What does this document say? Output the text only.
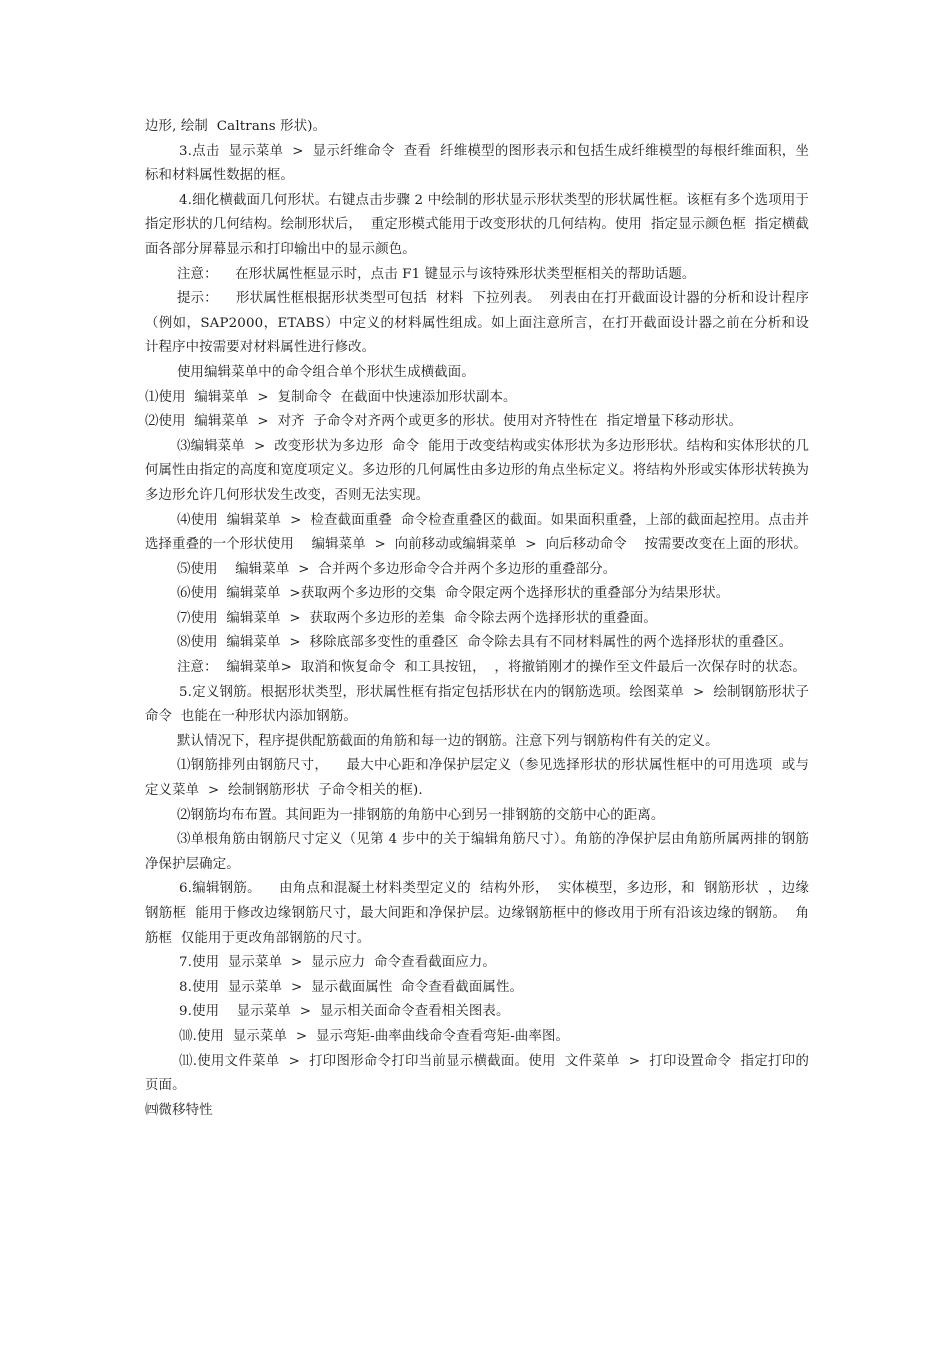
边形, 绘制  Caltrans 形状)。

3.点击  显示菜单  >  显示纤维命令  查看  纤维模型的图形表示和包括生成纤维模型的每根纤维面积，坐标和材料属性数据的框。

4.细化横截面几何形状。右键点击步骤 2 中绘制的形状显示形状类型的形状属性框。该框有多个选项用于指定形状的几何结构。绘制形状后，  重定形模式能用于改变形状的几何结构。使用  指定显示颜色框  指定横截面各部分屏幕显示和打印输出中的显示颜色。

注意：    在形状属性框显示时，点击 F1 键显示与该特殊形状类型框相关的帮助话题。

提示：    形状属性框根据形状类型可包括  材料  下拉列表。  列表由在打开截面设计器的分析和设计程序（例如，SAP2000，ETABS）中定义的材料属性组成。如上面注意所言，在打开截面设计器之前在分析和设计程序中按需要对材料属性进行修改。

使用编辑菜单中的命令组合单个形状生成横截面。

⑴使用  编辑菜单  >  复制命令  在截面中快速添加形状副本。

⑵使用  编辑菜单  >  对齐  子命令对齐两个或更多的形状。使用对齐特性在  指定增量下移动形状。

⑶编辑菜单  >  改变形状为多边形  命令  能用于改变结构或实体形状为多边形形状。结构和实体形状的几何属性由指定的高度和宽度项定义。多边形的几何属性由多边形的角点坐标定义。将结构外形或实体形状转换为多边形允许几何形状发生改变，否则无法实现。

⑷使用  编辑菜单  >  检查截面重叠  命令检查重叠区的截面。如果面积重叠，上部的截面起控用。点击并选择重叠的一个形状使用    编辑菜单  >  向前移动或编辑菜单  >  向后移动命令    按需要改变在上面的形状。

⑸使用    编辑菜单  >  合并两个多边形命令合并两个多边形的重叠部分。

⑹使用  编辑菜单  >获取两个多边形的交集  命令限定两个选择形状的重叠部分为结果形状。

⑺使用  编辑菜单  >  获取两个多边形的差集  命令除去两个选择形状的重叠面。

⑻使用  编辑菜单  >  移除底部多变性的重叠区  命令除去具有不同材料属性的两个选择形状的重叠区。

注意：  编辑菜单>  取消和恢复命令  和工具按钮，  ，将撤销刚才的操作至文件最后一次保存时的状态。

5.定义钢筋。根据形状类型，形状属性框有指定包括形状在内的钢筋选项。绘图菜单  >  绘制钢筋形状子命令  也能在一种形状内添加钢筋。

默认情况下，程序提供配筋截面的角筋和每一边的钢筋。注意下列与钢筋构件有关的定义。

⑴钢筋排列由钢筋尺寸，    最大中心距和净保护层定义（参见选择形状的形状属性框中的可用选项  或与  定义菜单  >  绘制钢筋形状  子命令相关的框).

⑵钢筋均布布置。其间距为一排钢筋的角筋中心到另一排钢筋的交筋中心的距离。

⑶单根角筋由钢筋尺寸定义（见第 4 步中的关于编辑角筋尺寸）。角筋的净保护层由角筋所属两排的钢筋净保护层确定。

6.编辑钢筋。    由角点和混凝土材料类型定义的  结构外形，  实体模型，多边形，和  钢筋形状  ，边缘钢筋框  能用于修改边缘钢筋尺寸，最大间距和净保护层。边缘钢筋框中的修改用于所有沿该边缘的钢筋。  角筋框  仅能用于更改角部钢筋的尺寸。

7.使用  显示菜单  >  显示应力  命令查看截面应力。

8.使用  显示菜单  >  显示截面属性  命令查看截面属性。

9.使用    显示菜单  >  显示相关面命令查看相关图表。

⑽.使用  显示菜单  >  显示弯矩-曲率曲线命令查看弯矩-曲率图。

⑾.使用文件菜单  >  打印图形命令打印当前显示横截面。使用  文件菜单  >  打印设置命令  指定打印的页面。

㈣微移特性
